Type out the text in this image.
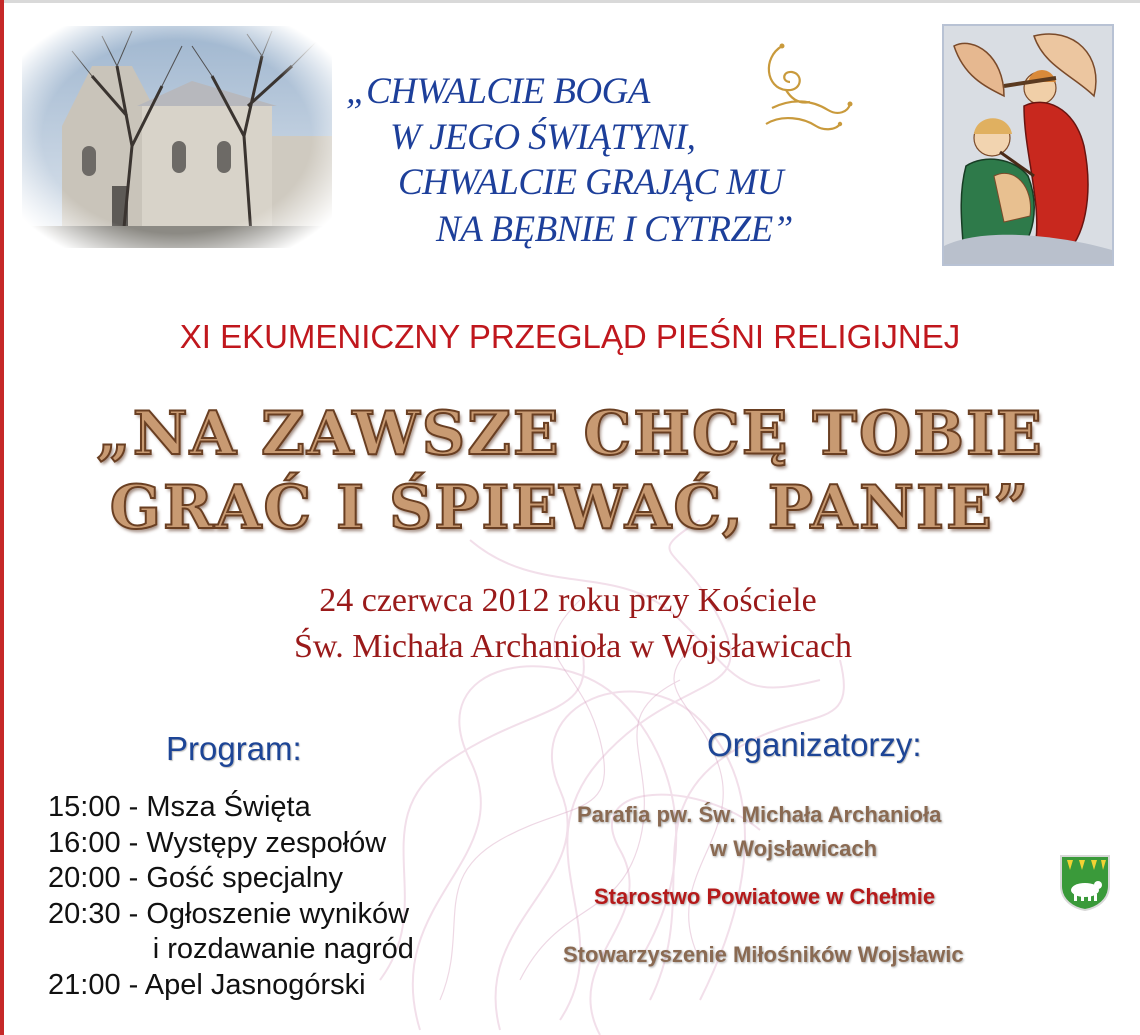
„CHWALCIE BOGA
W JEGO ŚWIĄTYNI,
CHWALCIE GRAJĄC MU
NA BĘBNIE I CYTRZE”
XI EKUMENICZNY PRZEGLĄD PIEŚNI RELIGIJNEJ
„NA ZAWSZE CHCĘ TOBIE
GRAĆ I ŚPIEWAĆ, PANIE”
24 czerwca 2012 roku przy Kościele
Św. Michała Archanioła w Wojsławicach
Program:
15:00 - Msza Święta
16:00 - Występy zespołów
20:00 - Gość specjalny
20:30 - Ogłoszenie wyników
i rozdawanie nagród
21:00 - Apel Jasnogórski
Organizatorzy:
Parafia pw. Św. Michała Archanioła
w Wojsławicach
Starostwo Powiatowe w Chełmie
Stowarzyszenie Miłośników Wojsławic
